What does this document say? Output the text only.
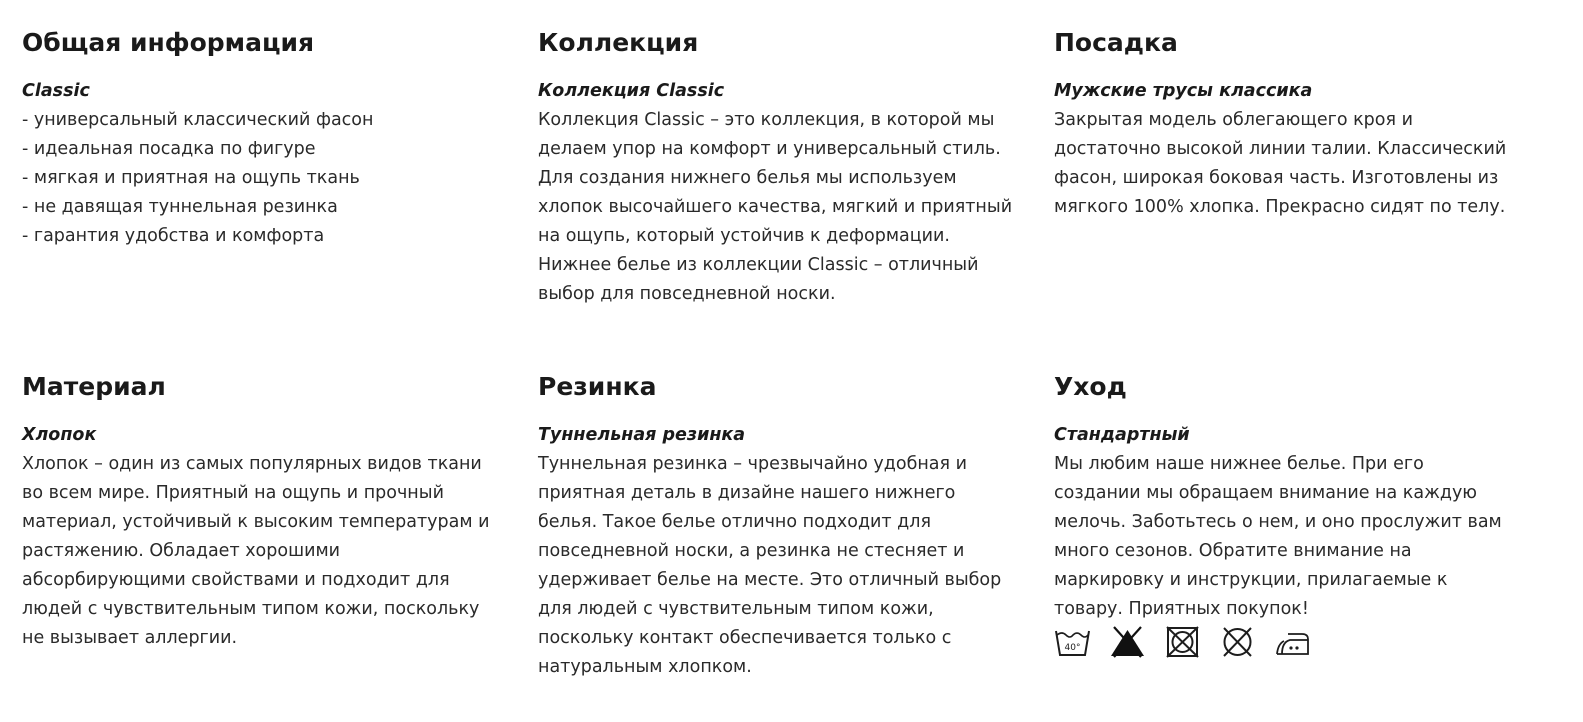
Общая информация
Classic
- универсальный классический фасон
- идеальная посадка по фигуре
- мягкая и приятная на ощупь ткань
- не давящая туннельная резинка
- гарантия удобства и комфорта
Коллекция
Коллекция Classic

Коллекция Classic – это коллекция, в которой мы делаем упор на комфорт и универсальный стиль. Для создания нижнего белья мы используем хлопок высочайшего качества, мягкий и приятный на ощупь, который устойчив к деформации. Нижнее белье из коллекции Classic – отличный выбор для повседневной носки.

Посадка
Мужские трусы классика

Закрытая модель облегающего кроя и достаточно высокой линии талии. Классический фасон, широкая боковая часть. Изготовлены из мягкого 100% хлопка. Прекрасно сидят по телу.

Материал
Хлопок

Хлопок – один из самых популярных видов ткани во всем мире. Приятный на ощупь и прочный материал, устойчивый к высоким температурам и растяжению. Обладает хорошими абсорбирующими свойствами и подходит для людей с чувствительным типом кожи, поскольку не вызывает аллергии.

Резинка
Туннельная резинка

Туннельная резинка – чрезвычайно удобная и приятная деталь в дизайне нашего нижнего белья. Такое белье отлично подходит для повседневной носки, а резинка не стесняет и удерживает белье на месте. Это отличный выбор для людей с чувствительным типом кожи, поскольку контакт обеспечивается только с натуральным хлопком.

Уход
Стандартный

Мы любим наше нижнее белье. При его создании мы обращаем внимание на каждую мелочь. Заботьтесь о нем, и оно прослужит вам много сезонов. Обратите внимание на маркировку и инструкции, прилагаемые к товару. Приятных покупок!

40°
